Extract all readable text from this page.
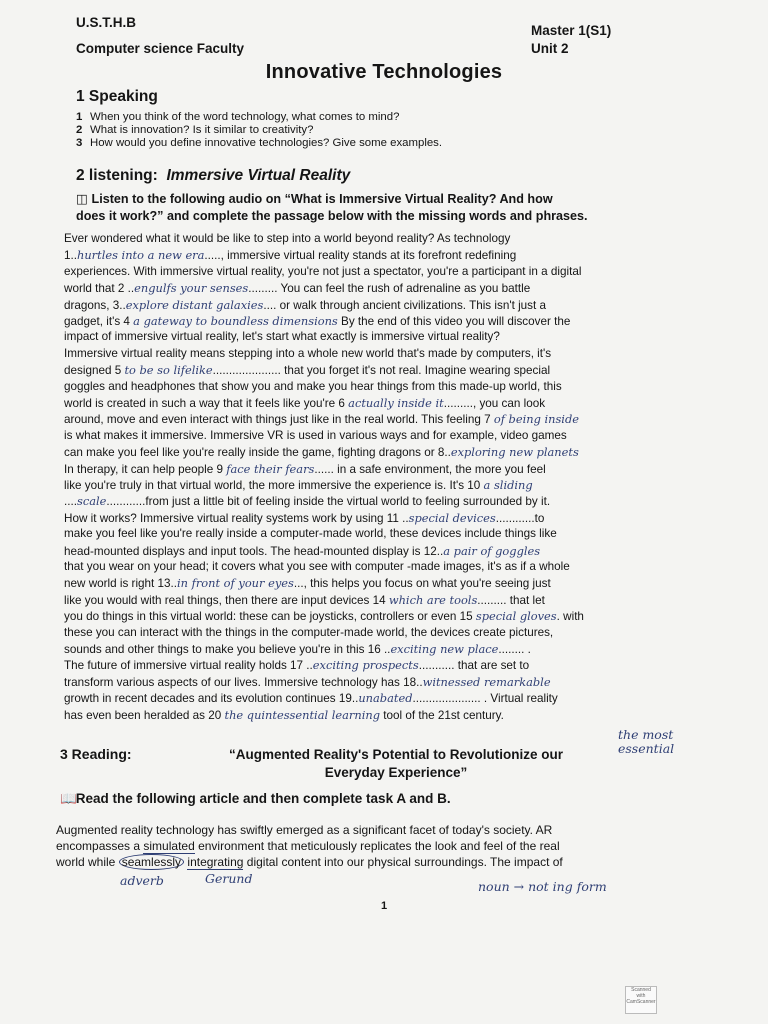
U.S.T.H.B
Computer science Faculty
Master 1(S1)
Unit 2
Innovative Technologies
1 Speaking
1 When you think of the word technology, what comes to mind?
2 What is innovation? Is it similar to creativity?
3 How would you define innovative technologies? Give some examples.
2 listening: Immersive Virtual Reality
◫ Listen to the following audio on “What is Immersive Virtual Reality? And how
does it work?” and complete the passage below with the missing words and phrases.
Ever wondered what it would be like to step into a world beyond reality? As technology
1..hurtles into a new era....., immersive virtual reality stands at its forefront redefining
experiences. With immersive virtual reality, you're not just a spectator, you're a participant in a digital
world that 2 ..engulfs your senses......... You can feel the rush of adrenaline as you battle
dragons, 3..explore distant galaxies.... or walk through ancient civilizations. This isn't just a
gadget, it's 4 a gateway to boundless dimensions By the end of this video you will discover the
impact of immersive virtual reality, let's start what exactly is immersive virtual reality?
Immersive virtual reality means stepping into a whole new world that's made by computers, it's
designed 5 to be so lifelike..................... that you forget it's not real. Imagine wearing special
goggles and headphones that show you and make you hear things from this made-up world, this
world is created in such a way that it feels like you're 6 actually inside it........., you can look
around, move and even interact with things just like in the real world. This feeling 7 of being inside
is what makes it immersive. Immersive VR is used in various ways and for example, video games
can make you feel like you're really inside the game, fighting dragons or 8..exploring new planets
In therapy, it can help people 9 face their fears...... in a safe environment, the more you feel
like you're truly in that virtual world, the more immersive the experience is. It's 10 a sliding
....scale............from just a little bit of feeling inside the virtual world to feeling surrounded by it.
How it works? Immersive virtual reality systems work by using 11 ..special devices............to
make you feel like you're really inside a computer-made world, these devices include things like
head-mounted displays and input tools. The head-mounted display is 12..a pair of goggles
that you wear on your head; it covers what you see with computer -made images, it's as if a whole
new world is right 13..in front of your eyes..., this helps you focus on what you're seeing just
like you would with real things, then there are input devices 14 which are tools......... that let
you do things in this virtual world: these can be joysticks, controllers or even 15 special gloves. with
these you can interact with the things in the computer-made world, the devices create pictures,
sounds and other things to make you believe you're in this 16 ..exciting new place........ .
The future of immersive virtual reality holds 17 ..exciting prospects........... that are set to
transform various aspects of our lives. Immersive technology has 18..witnessed remarkable
growth in recent decades and its evolution continues 19..unabated..................... . Virtual reality
has even been heralded as 20 the quintessential learning tool of the 21st century.
the most essential
3 Reading:	“Augmented Reality's Potential to Revolutionize our
Everyday Experience”
📖 Read the following article and then complete task A and B.
Augmented reality technology has swiftly emerged as a significant facet of today's society. AR
encompasses a simulated environment that meticulously replicates the look and feel of the real
world while seamlessly integrating digital content into our physical surroundings. The impact of
adverb	Gerund
noun → not ing form
1
Scanned with
CamScanner
